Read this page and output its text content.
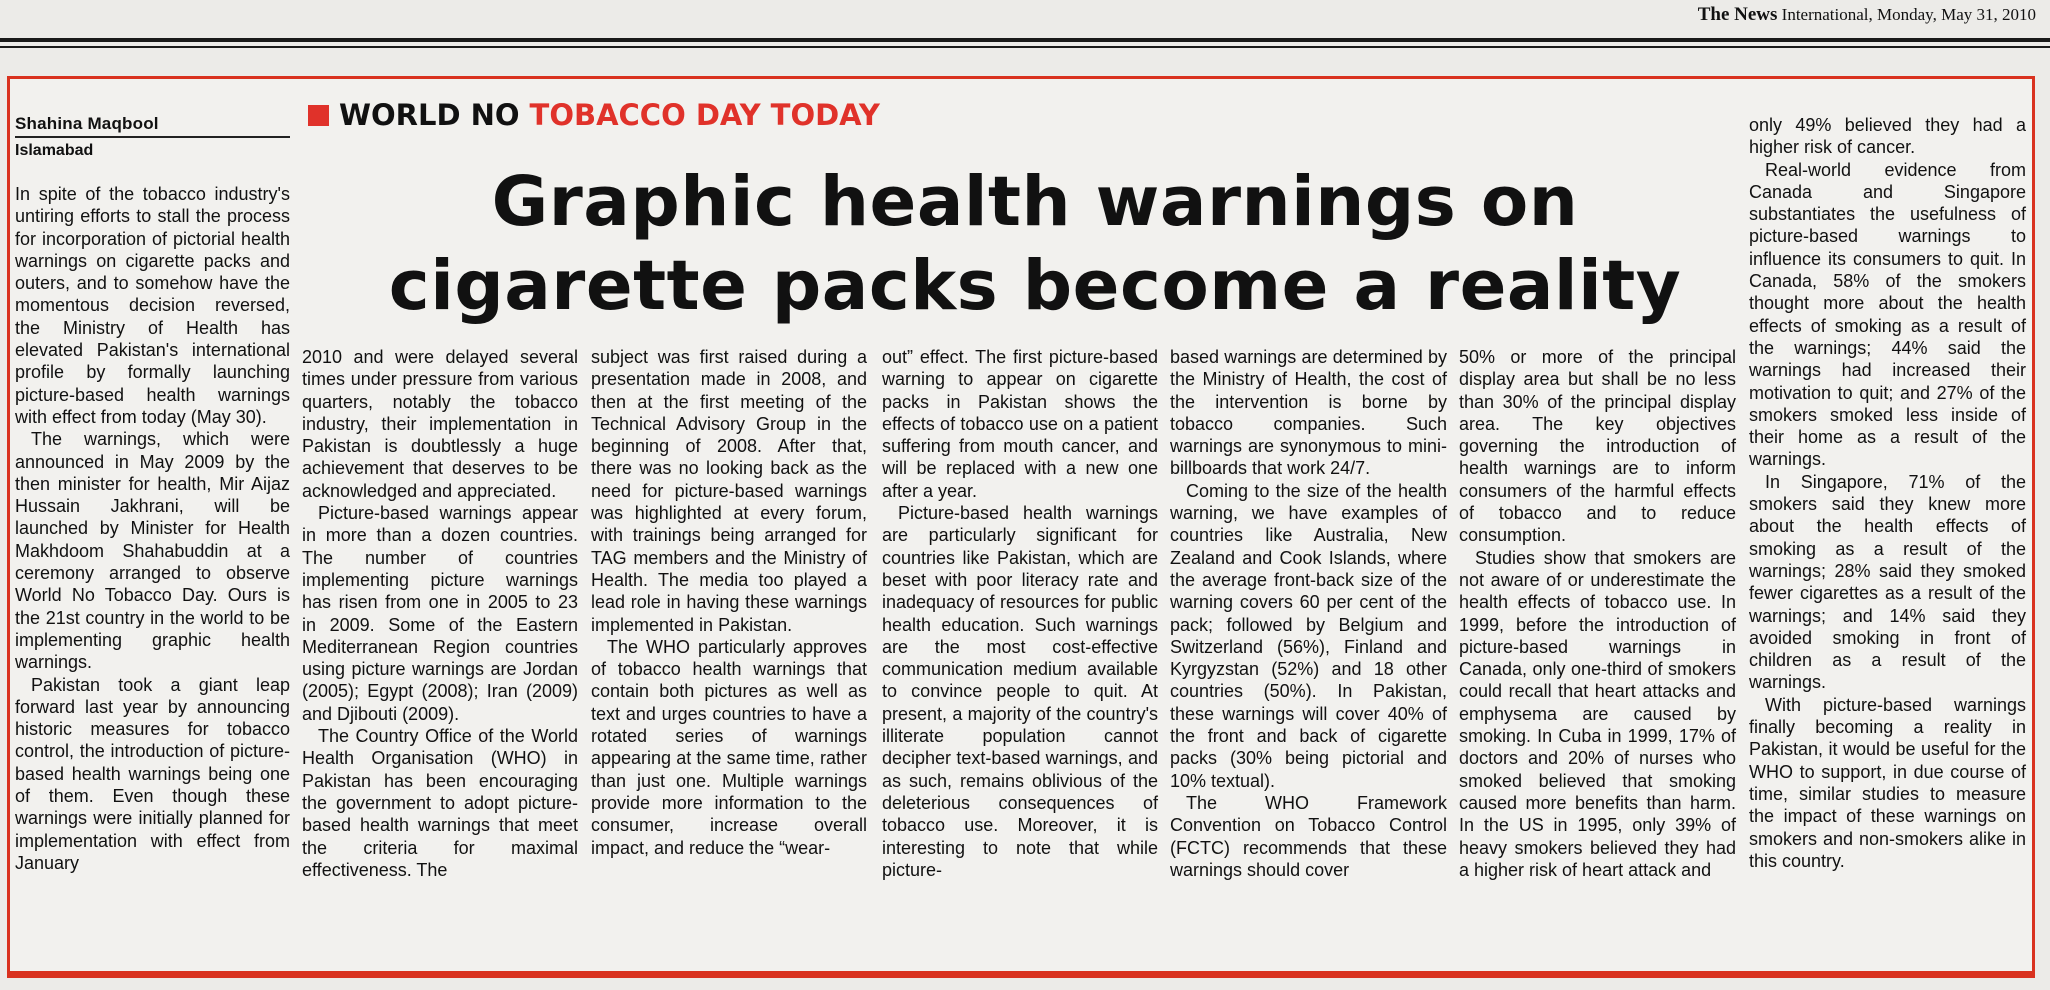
The News International, Monday, May 31, 2010
Shahina Maqbool
Islamabad
WORLD NO TOBACCO DAY TODAY
Graphic health warnings on cigarette packs become a reality

In spite of the tobacco industry's untiring efforts to stall the process for incorporation of pictorial health warnings on cigarette packs and outers, and to somehow have the momentous decision reversed, the Ministry of Health has elevated Pakistan's international profile by formally launching picture-based health warnings with effect from today (May 30).

The warnings, which were announced in May 2009 by the then minister for health, Mir Aijaz Hussain Jakhrani, will be launched by Minister for Health Makhdoom Shahabuddin at a ceremony arranged to observe World No Tobacco Day. Ours is the 21st country in the world to be implementing graphic health warnings.

Pakistan took a giant leap forward last year by announcing historic measures for tobacco control, the introduction of picture-based health warnings being one of them. Even though these warnings were initially planned for implementation with effect from January

2010 and were delayed several times under pressure from various quarters, notably the tobacco industry, their implementation in Pakistan is doubtlessly a huge achievement that deserves to be acknowledged and appreciated.

Picture-based warnings appear in more than a dozen countries. The number of countries implementing picture warnings has risen from one in 2005 to 23 in 2009. Some of the Eastern Mediterranean Region countries using picture warnings are Jordan (2005); Egypt (2008); Iran (2009) and Djibouti (2009).

The Country Office of the World Health Organisation (WHO) in Pakistan has been encouraging the government to adopt picture-based health warnings that meet the criteria for maximal effectiveness. The

subject was first raised during a presentation made in 2008, and then at the first meeting of the Technical Advisory Group in the beginning of 2008. After that, there was no looking back as the need for picture-based warnings was highlighted at every forum, with trainings being arranged for TAG members and the Ministry of Health. The media too played a lead role in having these warnings implemented in Pakistan.

The WHO particularly approves of tobacco health warnings that contain both pictures as well as text and urges countries to have a rotated series of warnings appearing at the same time, rather than just one. Multiple warnings provide more information to the consumer, increase overall impact, and reduce the “wear-

out” effect. The first picture-based warning to appear on cigarette packs in Pakistan shows the effects of tobacco use on a patient suffering from mouth cancer, and will be replaced with a new one after a year.

Picture-based health warnings are particularly significant for countries like Pakistan, which are beset with poor literacy rate and inadequacy of resources for public health education. Such warnings are the most cost-effective communication medium available to convince people to quit. At present, a majority of the country's illiterate population cannot decipher text-based warnings, and as such, remains oblivious of the deleterious consequences of tobacco use. Moreover, it is interesting to note that while picture-

based warnings are determined by the Ministry of Health, the cost of the intervention is borne by tobacco companies. Such warnings are synonymous to mini-billboards that work 24/7.

Coming to the size of the health warning, we have examples of countries like Australia, New Zealand and Cook Islands, where the average front-back size of the warning covers 60 per cent of the pack; followed by Belgium and Switzerland (56%), Finland and Kyrgyzstan (52%) and 18 other countries (50%). In Pakistan, these warnings will cover 40% of the front and back of cigarette packs (30% being pictorial and 10% textual).

The WHO Framework Convention on Tobacco Control (FCTC) recommends that these warnings should cover

50% or more of the principal display area but shall be no less than 30% of the principal display area. The key objectives governing the introduction of health warnings are to inform consumers of the harmful effects of tobacco and to reduce consumption.

Studies show that smokers are not aware of or underestimate the health effects of tobacco use. In 1999, before the introduction of picture-based warnings in Canada, only one-third of smokers could recall that heart attacks and emphysema are caused by smoking. In Cuba in 1999, 17% of doctors and 20% of nurses who smoked believed that smoking caused more benefits than harm. In the US in 1995, only 39% of heavy smokers believed they had a higher risk of heart attack and

only 49% believed they had a higher risk of cancer.

Real-world evidence from Canada and Singapore substantiates the usefulness of picture-based warnings to influence its consumers to quit. In Canada, 58% of the smokers thought more about the health effects of smoking as a result of the warnings; 44% said the warnings had increased their motivation to quit; and 27% of the smokers smoked less inside of their home as a result of the warnings.

In Singapore, 71% of the smokers said they knew more about the health effects of smoking as a result of the warnings; 28% said they smoked fewer cigarettes as a result of the warnings; and 14% said they avoided smoking in front of children as a result of the warnings.

With picture-based warnings finally becoming a reality in Pakistan, it would be useful for the WHO to support, in due course of time, similar studies to measure the impact of these warnings on smokers and non-smokers alike in this country.
